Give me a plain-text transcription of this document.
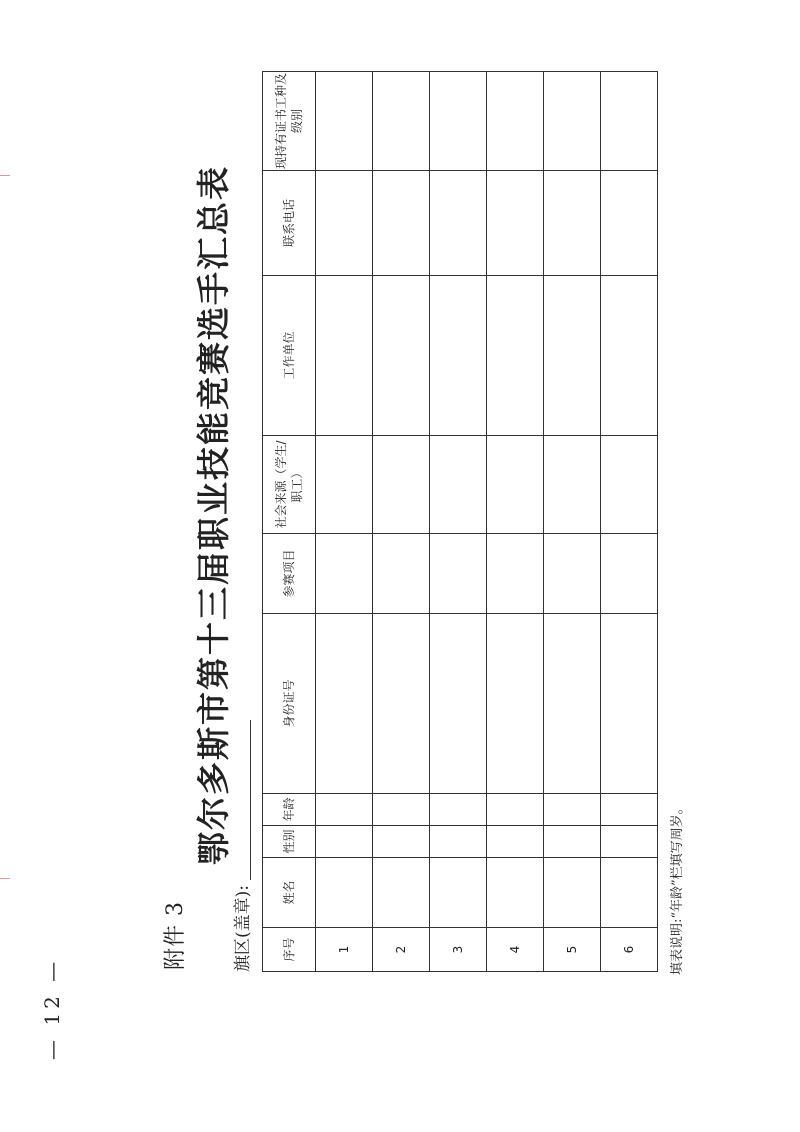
附件 3
鄂尔多斯市第十三届职业技能竞赛选手汇总表
旗区(盖章): 序号	姓名	性别	年龄	身份证号	参赛项目	社会来源（学生/职工）	工作单位	联系电话	现持有证书工种及级别
1									
2									
3									
4									
5									
6										填表说明:“年龄”栏填写周岁。
— 12 —
